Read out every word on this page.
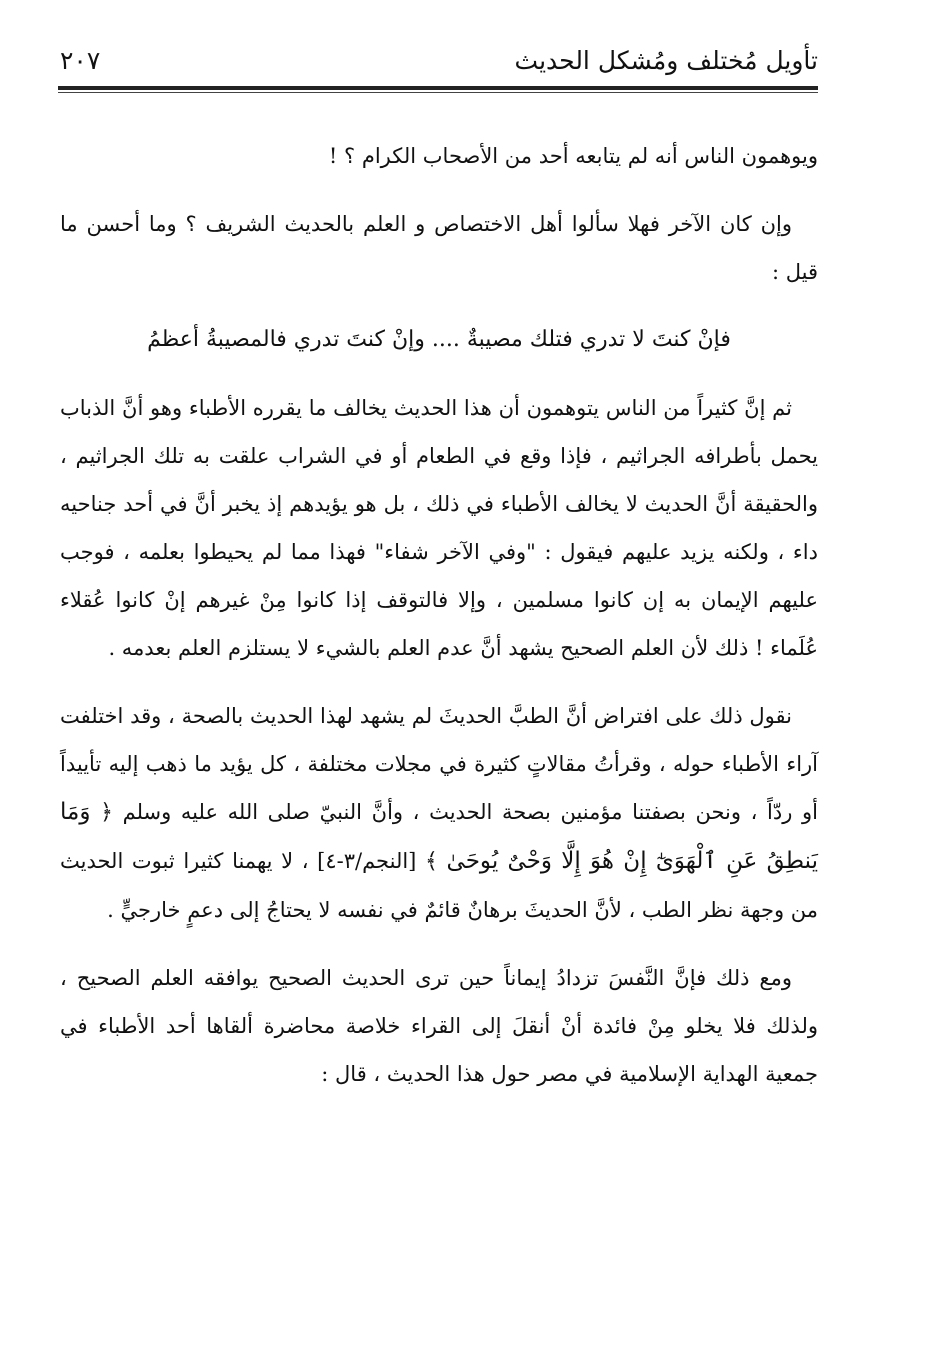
تأويل مُختلف ومُشكل الحديث
٢٠٧

ويوهمون الناس أنه لم يتابعه أحد من الأصحاب الكرام ؟ !

وإن كان الآخر فهلا سألوا أهل الاختصاص و العلم بالحديث الشريف ؟ وما أحسن ما قيل :

فإنْ كنتَ لا تدري فتلك مصيبةٌ .... وإنْ كنتَ تدري فالمصيبةُ أعظمُ

ثم إنَّ كثيراً من الناس يتوهمون أن هذا الحديث يخالف ما يقرره الأطباء وهو أنَّ الذباب يحمل بأطرافه الجراثيم ، فإذا وقع في الطعام أو في الشراب علقت به تلك الجراثيم ، والحقيقة أنَّ الحديث لا يخالف الأطباء في ذلك ، بل هو يؤيدهم إذ يخبر أنَّ في أحد جناحيه داء ، ولكنه يزيد عليهم فيقول : "وفي الآخر شفاء" فهذا مما لم يحيطوا بعلمه ، فوجب عليهم الإيمان به إن كانوا مسلمين ، وإلا فالتوقف إذا كانوا مِنْ غيرهم إنْ كانوا عُقلاء عُلَماء ! ذلك لأن العلم الصحيح يشهد أنَّ عدم العلم بالشيء لا يستلزم العلم بعدمه .

نقول ذلك على افتراض أنَّ الطبَّ الحديثَ لم يشهد لهذا الحديث بالصحة ، وقد اختلفت آراء الأطباء حوله ، وقرأتُ مقالاتٍ كثيرة في مجلات مختلفة ، كل يؤيد ما ذهب إليه تأييداً أو ردّاً ، ونحن بصفتنا مؤمنين بصحة الحديث ، وأنَّ النبيّ صلى الله عليه وسلم ﴿ وَمَا يَنطِقُ عَنِ ٱلْهَوَىٰٓ إِنْ هُوَ إِلَّا وَحْىٌ يُوحَىٰ ﴾ [النجم/٣-٤] ، لا يهمنا كثيرا ثبوت الحديث من وجهة نظر الطب ، لأنَّ الحديثَ برهانٌ قائمٌ في نفسه لا يحتاجُ إلى دعمٍ خارجيٍّ .

ومع ذلك فإنَّ النَّفسَ تزدادُ إيماناً حين ترى الحديث الصحيح يوافقه العلم الصحيح ، ولذلك فلا يخلو مِنْ فائدة أنْ أنقلَ إلى القراء خلاصة محاضرة ألقاها أحد الأطباء في جمعية الهداية الإسلامية في مصر حول هذا الحديث ، قال :
